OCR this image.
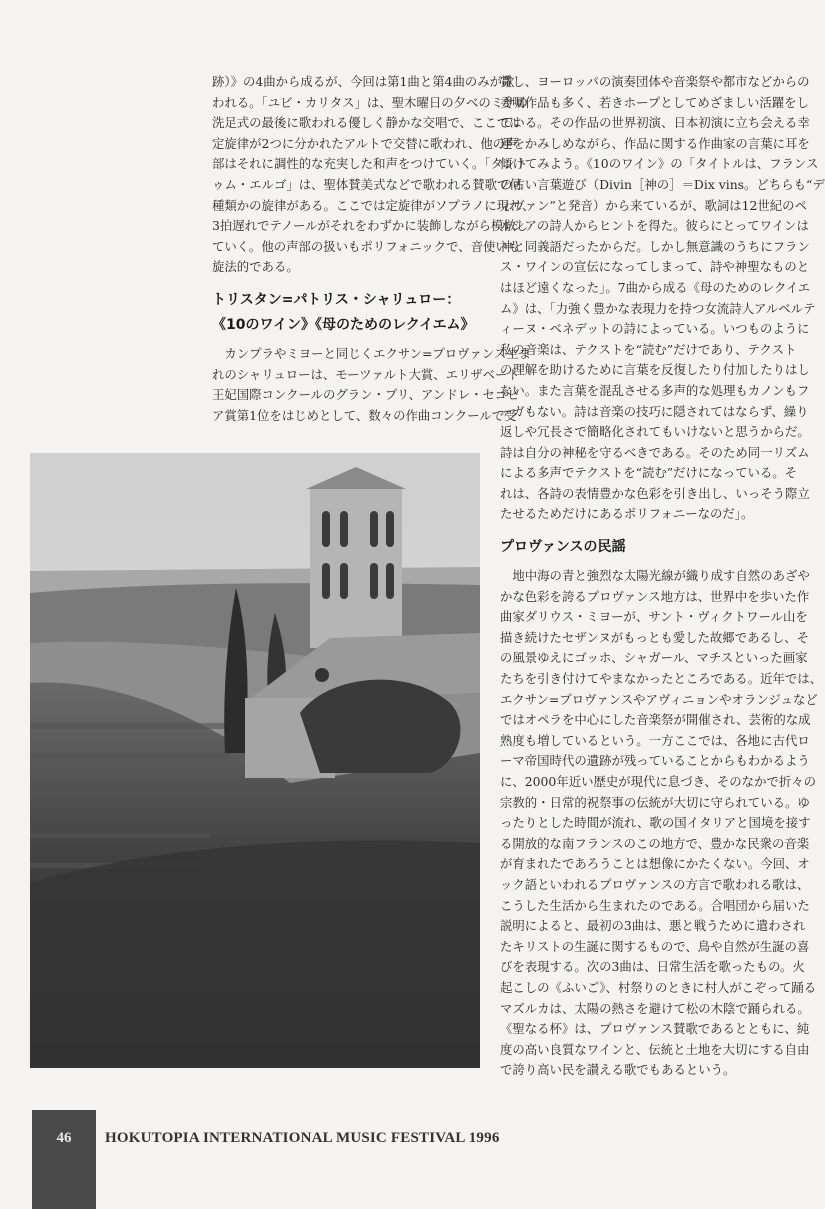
跡）》の4曲から成るが、今回は第1曲と第4曲のみが歌
われる。「ユビ・カリタス」は、聖木曜日の夕べのミサの
洗足式の最後に歌われる優しく静かな交唱で、ここでは
定旋律が2つに分かれたアルトで交替に歌われ、他の声
部はそれに調性的な充実した和声をつけていく。「タント
ゥム・エルゴ」は、聖体賛美式などで歌われる賛歌で何
種類かの旋律がある。ここでは定旋律がソプラノに現れ、
3拍遅れでテノールがそれをわずかに装飾しながら模倣し
ていく。他の声部の扱いもポリフォニックで、音使いも
旋法的である。
トリスタン=パトリス・シャリュロー：
《10のワイン》《母のためのレクイエム》
　カンプラやミヨーと同じくエクサン=プロヴァンス生ま
れのシャリュローは、モーツァルト大賞、エリザベート
王妃国際コンクールのグラン・プリ、アンドレ・セゴビ
ア賞第1位をはじめとして、数々の作曲コンクールで受
賞し、ヨーロッパの演奏団体や音楽祭や都市などからの
委嘱作品も多く、若きホープとしてめざましい活躍をし
ている。その作品の世界初演、日本初演に立ち会える幸
運をかみしめながら、作品に関する作曲家の言葉に耳を
傾けてみよう。《10のワイン》の「タイトルは、フランス
の古い言葉遊び（Divin［神の］＝Dix vins。どちらも“デ
ィヴァン”と発音）から来ているが、歌詞は12世紀のペ
ルシアの詩人からヒントを得た。彼らにとってワインは
神と同義語だったからだ。しかし無意識のうちにフラン
ス・ワインの宣伝になってしまって、詩や神聖なものと
はほど遠くなった」。7曲から成る《母のためのレクイエ
ム》は、「力強く豊かな表現力を持つ女流詩人アルベルテ
ィーヌ・ベネデットの詩によっている。いつものように
私の音楽は、テクストを“読む”だけであり、テクスト
の理解を助けるために言葉を反復したり付加したりはし
ない。また言葉を混乱させる多声的な処理もカノンもフ
ーガもない。詩は音楽の技巧に隠されてはならず、繰り
返しや冗長さで簡略化されてもいけないと思うからだ。
詩は自分の神秘を守るべきである。そのため同一リズム
による多声でテクストを“読む”だけになっている。そ
れは、各詩の表情豊かな色彩を引き出し、いっそう際立
たせるためだけにあるポリフォニーなのだ」。
プロヴァンスの民謡
　地中海の青と強烈な太陽光線が織り成す自然のあざや
かな色彩を誇るプロヴァンス地方は、世界中を歩いた作
曲家ダリウス・ミヨーが、サント・ヴィクトワール山を
描き続けたセザンヌがもっとも愛した故郷であるし、そ
の風景ゆえにゴッホ、シャガール、マチスといった画家
たちを引き付けてやまなかったところである。近年では、
エクサン=プロヴァンスやアヴィニョンやオランジュなど
ではオペラを中心にした音楽祭が開催され、芸術的な成
熟度も増しているという。一方ここでは、各地に古代ロ
ーマ帝国時代の遺跡が残っていることからもわかるよう
に、2000年近い歴史が現代に息づき、そのなかで折々の
宗教的・日常的祝祭事の伝統が大切に守られている。ゆ
ったりとした時間が流れ、歌の国イタリアと国境を接す
る開放的な南フランスのこの地方で、豊かな民衆の音楽
が育まれたであろうことは想像にかたくない。今回、オ
ック語といわれるプロヴァンスの方言で歌われる歌は、
こうした生活から生まれたのである。合唱団から届いた
説明によると、最初の3曲は、悪と戦うために遣わされ
たキリストの生誕に関するもので、鳥や自然が生誕の喜
びを表現する。次の3曲は、日常生活を歌ったもの。火
起こしの《ふいご》、村祭りのときに村人がこぞって踊る
マズルカは、太陽の熱さを避けて松の木陰で踊られる。
《聖なる杯》は、プロヴァンス賛歌であるとともに、純
度の高い良質なワインと、伝統と土地を大切にする自由
で誇り高い民を讃える歌でもあるという。
46	HOKUTOPIA INTERNATIONAL MUSIC FESTIVAL 1996
